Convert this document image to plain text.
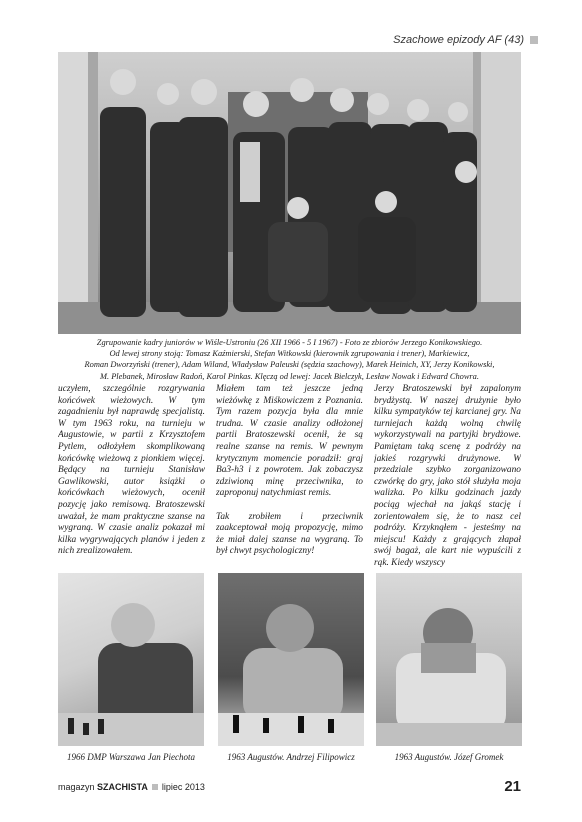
Szachowe epizody AF (43)
Zgrupowanie kadry juniorów w Wiśle-Ustroniu (26 XII 1966 - 5 I 1967) - Foto ze zbiorów Jerzego Konikowskiego.
Od lewej strony stoją: Tomasz Kaźmierski, Stefan Witkowski (kierownik zgrupowania i trener), Markiewicz,
Roman Dworzyński (trener), Adam Wiland, Władysław Paleuski (sędzia szachowy), Marek Heinich, XY, Jerzy Konikowski,
M. Plebanek, Mirosław Radoń, Karol Pinkas. Klęczą od lewej: Jacek Bielczyk, Lesław Nowak i Edward Chowra.
uczyłem, szczególnie rozgrywania końcówek wieżowych. W tym zagadnieniu był naprawdę specjalistą. W tym 1963 roku, na turnieju w Augustowie, w partii z Krzysztofem Pytlem, odłożyłem skomplikowaną końcówkę wieżową z pionkiem więcej. Będący na turnieju Stanisław Gawlikowski, autor książki o końcówkach wieżowych, ocenił pozycję jako remisową. Bratoszewski uważał, że mam praktyczne szanse na wygraną. W czasie analiz pokazał mi kilka wygrywających planów i jeden z nich zrealizowałem.
Miałem tam też jeszcze jedną wieżówkę z Miśkowiczem z Poznania. Tym razem pozycja była dla mnie trudna. W czasie analizy odłożonej partii Bratoszewski ocenił, że są realne szanse na remis. W pewnym krytycznym momencie poradził: graj Ва3-h3 i z powrotem. Jak zobaczysz zdziwioną minę przeciwnika, to zaproponuj natychmiast remis.

Tak zrobiłem i przeciwnik zaakceptował moją propozycję, mimo że miał dalej szanse na wygraną. To był chwyt psychologiczny!
Jerzy Bratoszewski był zapalonym brydżystą. W naszej drużynie było kilku sympatyków tej karcianej gry. Na turniejach każdą wolną chwilę wykorzystywali na partyjki brydżowe. Pamiętam taką scenę z podróży na jakieś rozgrywki drużynowe. W przedziale szybko zorganizowano czwórkę do gry, jako stół służyła moja walizka. Po kilku godzinach jazdy pociąg wjechał na jakąś stację i zorientowałem się, że to nasz cel podróży. Krzyknąłem - jesteśmy na miejscu! Każdy z grających złapał swój bagaż, ale kart nie wypuścili z rąk. Kiedy wszyscy
1966 DMP Warszawa Jan Piechota	1963 Augustów. Andrzej Filipowicz	1963 Augustów. Józef Gromek
magazyn SZACHISTA lipiec 2013	21
